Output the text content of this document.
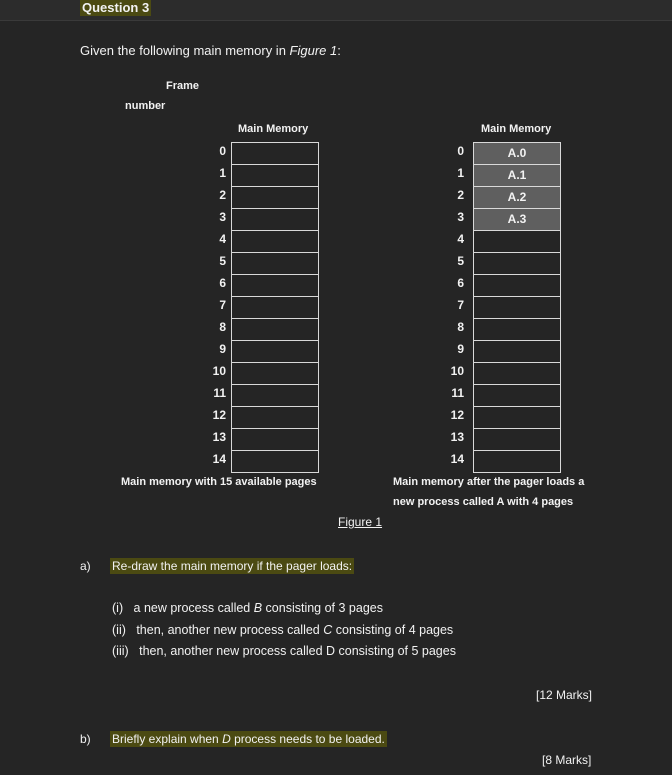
Question 3
Given the following main memory in Figure 1:
Frame
number
Main Memory
0
1
2
3
4
5
6
7
8
9
10
11
12
13
14
Main memory with 15 available pages
Main Memory
0
1
2
3
4
5
6
7
8
9
10
11
12
13
14
A.0
A.1
A.2
A.3
Main memory after the pager loads a
new process called A with 4 pages
Figure 1
a) Re-draw the main memory if the pager loads:
(i) a new process called B consisting of 3 pages
(ii) then, another new process called C consisting of 4 pages
(iii) then, another new process called D consisting of 5 pages
[12 Marks]
b) Briefly explain when D process needs to be loaded.
[8 Marks]
